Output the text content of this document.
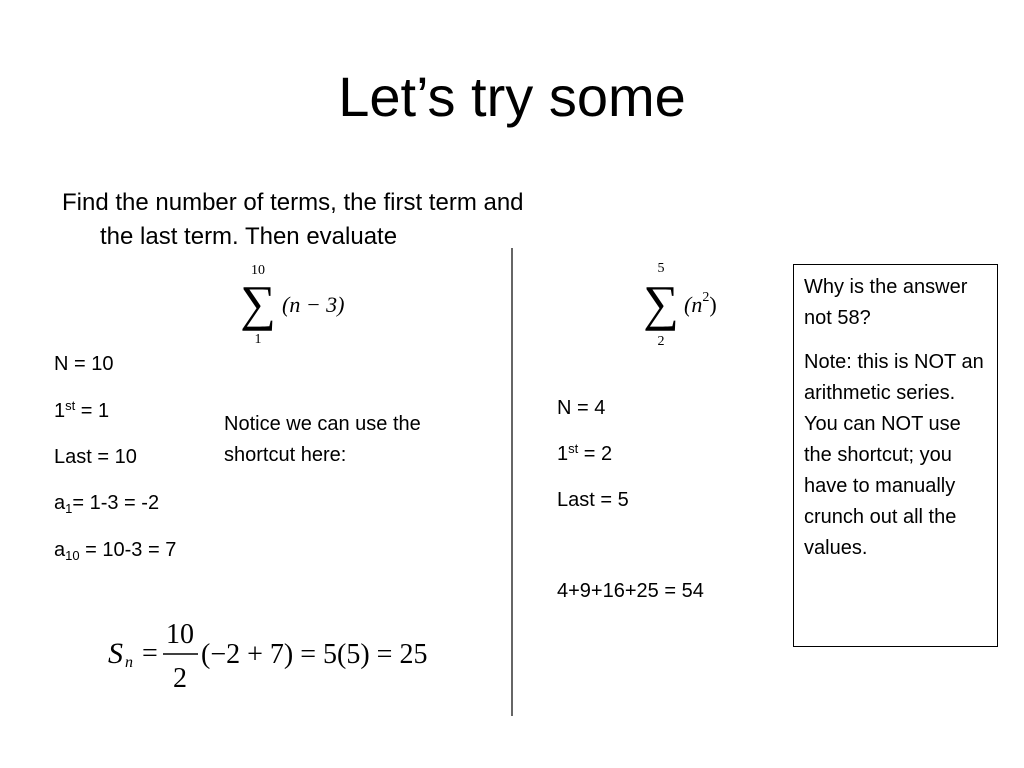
Let’s try some
Find the number of terms, the first term and the last term. Then evaluate
10
∑
1
(n − 3)
5
∑
2
$(n^2)$
N = 10
1st = 1
Last = 10
$a_1= 1-3 = -2$
$a_{10} = 10-3 = 7$
Notice we can use the shortcut here:
S n =
10
2
(−2 + 7) = 5(5) = 25
N = 4
1st = 2
Last = 5
4+9+16+25 = 54

Why is the answer not 58?

Note: this is NOT an arithmetic series. You can NOT use the shortcut; you have to manually crunch out all the values.
